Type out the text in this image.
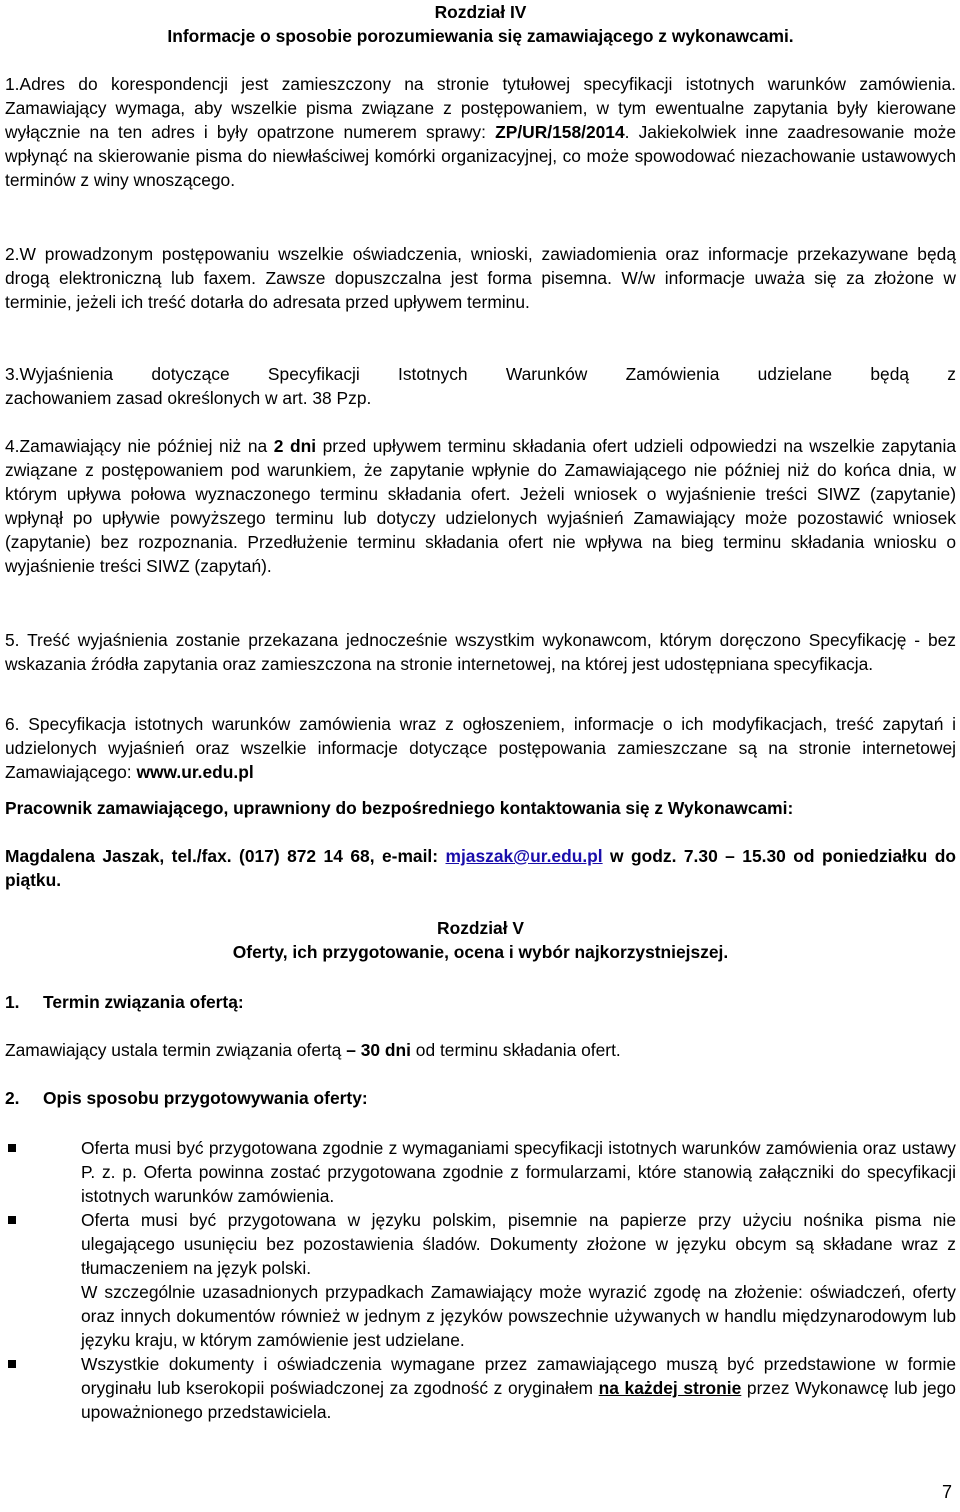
Rozdział IV
Informacje o sposobie porozumiewania się zamawiającego z wykonawcami.

1.Adres do korespondencji jest zamieszczony na stronie tytułowej specyfikacji istotnych warunków zamówienia. Zamawiający wymaga, aby wszelkie pisma związane z postępowaniem, w tym ewentualne zapytania były kierowane wyłącznie na ten adres i były opatrzone numerem sprawy: ZP/UR/158/2014. Jakiekolwiek inne zaadresowanie może wpłynąć na skierowanie pisma do niewłaściwej komórki organizacyjnej, co może spowodować niezachowanie ustawowych terminów z winy wnoszącego.

2.W prowadzonym postępowaniu wszelkie oświadczenia, wnioski, zawiadomienia oraz informacje przekazywane będą drogą elektroniczną lub faxem. Zawsze dopuszczalna jest forma pisemna. W/w informacje uważa się za złożone w terminie, jeżeli ich treść dotarła do adresata przed upływem terminu.

3.Wyjaśnienia dotyczące Specyfikacji Istotnych Warunków Zamówienia udzielane będą z

zachowaniem zasad określonych w art. 38 Pzp.

4.Zamawiający nie później niż na 2 dni przed upływem terminu składania ofert udzieli odpowiedzi na wszelkie zapytania związane z postępowaniem pod warunkiem, że zapytanie wpłynie do Zamawiającego nie później niż do końca dnia, w którym upływa połowa wyznaczonego terminu składania ofert. Jeżeli wniosek o wyjaśnienie treści SIWZ (zapytanie) wpłynął po upływie powyższego terminu lub dotyczy udzielonych wyjaśnień Zamawiający może pozostawić wniosek (zapytanie) bez rozpoznania. Przedłużenie terminu składania ofert nie wpływa na bieg terminu składania wniosku o wyjaśnienie treści SIWZ (zapytań).

5. Treść wyjaśnienia zostanie przekazana jednocześnie wszystkim wykonawcom, którym doręczono Specyfikację - bez wskazania źródła zapytania oraz zamieszczona na stronie internetowej, na której jest udostępniana specyfikacja.

6. Specyfikacja istotnych warunków zamówienia wraz z ogłoszeniem, informacje o ich modyfikacjach, treść zapytań i udzielonych wyjaśnień oraz wszelkie informacje dotyczące postępowania zamieszczane są na stronie internetowej Zamawiającego: www.ur.edu.pl

Pracownik zamawiającego, uprawniony do bezpośredniego kontaktowania się z Wykonawcami:

Magdalena Jaszak, tel./fax. (017) 872 14 68, e-mail: mjaszak@ur.edu.pl w godz. 7.30 – 15.30 od poniedziałku do piątku.

Rozdział V
Oferty, ich przygotowanie, ocena i wybór najkorzystniejszej.
1. Termin związania ofertą:
Zamawiający ustala termin związania ofertą – 30 dni od terminu składania ofert.
2. Opis sposobu przygotowywania oferty:
Oferta musi być przygotowana zgodnie z wymaganiami specyfikacji istotnych warunków zamówienia oraz ustawy P. z. p. Oferta powinna zostać przygotowana zgodnie z formularzami, które stanowią załączniki do specyfikacji istotnych warunków zamówienia.
Oferta musi być przygotowana w języku polskim, pisemnie na papierze przy użyciu nośnika pisma nie ulegającego usunięciu bez pozostawienia śladów. Dokumenty złożone w języku obcym są składane wraz z tłumaczeniem na język polski.
W szczególnie uzasadnionych przypadkach Zamawiający może wyrazić zgodę na złożenie: oświadczeń, oferty oraz innych dokumentów również w jednym z języków powszechnie używanych w handlu międzynarodowym lub języku kraju, w którym zamówienie jest udzielane.
Wszystkie dokumenty i oświadczenia wymagane przez zamawiającego muszą być przedstawione w formie oryginału lub kserokopii poświadczonej za zgodność z oryginałem na każdej stronie przez Wykonawcę lub jego upoważnionego przedstawiciela.
7
